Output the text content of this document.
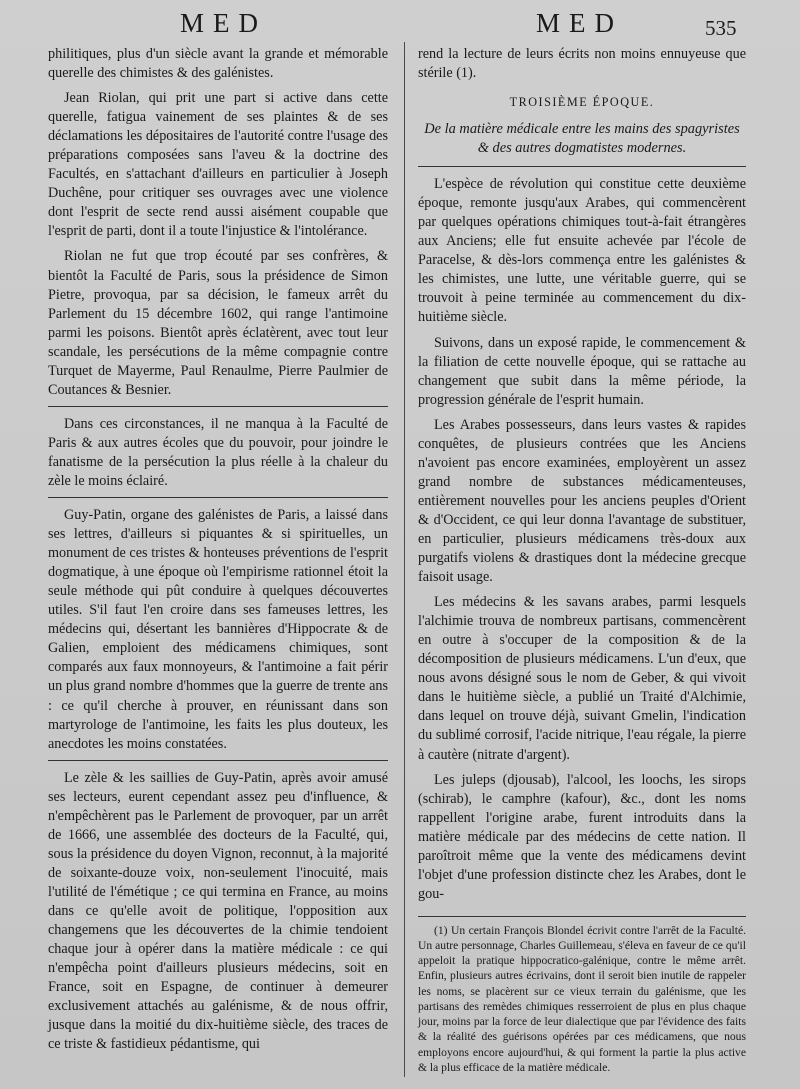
MED	MED	535

philitiques, plus d'un siècle avant la grande et mémorable querelle des chimistes & des galénistes.

Jean Riolan, qui prit une part si active dans cette querelle, fatigua vainement de ses plaintes & de ses déclamations les dépositaires de l'autorité contre l'usage des préparations composées sans l'aveu & la doctrine des Facultés, en s'attachant d'ailleurs en particulier à Joseph Duchêne, pour critiquer ses ouvrages avec une violence dont l'esprit de secte rend aussi aisément coupable que l'esprit de parti, dont il a toute l'injustice & l'intolérance.

Riolan ne fut que trop écouté par ses confrères, & bientôt la Faculté de Paris, sous la présidence de Simon Pietre, provoqua, par sa décision, le fameux arrêt du Parlement du 15 décembre 1602, qui range l'antimoine parmi les poisons. Bientôt après éclatèrent, avec tout leur scandale, les persécutions de la même compagnie contre Turquet de Mayerme, Paul Renaulme, Pierre Paulmier de Coutances & Besnier.

Dans ces circonstances, il ne manqua à la Faculté de Paris & aux autres écoles que du pouvoir, pour joindre le fanatisme de la persécution la plus réelle à la chaleur du zèle le moins éclairé.

Guy-Patin, organe des galénistes de Paris, a laissé dans ses lettres, d'ailleurs si piquantes & si spirituelles, un monument de ces tristes & honteuses préventions de l'esprit dogmatique, à une époque où l'empirisme rationnel étoit la seule méthode qui pût conduire à quelques découvertes utiles. S'il faut l'en croire dans ses fameuses lettres, les médecins qui, désertant les bannières d'Hippocrate & de Galien, emploient des médicamens chimiques, sont comparés aux faux monnoyeurs, & l'antimoine a fait périr un plus grand nombre d'hommes que la guerre de trente ans : ce qu'il cherche à prouver, en réunissant dans son martyrologe de l'antimoine, les faits les plus douteux, les anecdotes les moins constatées.

Le zèle & les saillies de Guy-Patin, après avoir amusé ses lecteurs, eurent cependant assez peu d'influence, & n'empêchèrent pas le Parlement de provoquer, par un arrêt de 1666, une assemblée des docteurs de la Faculté, qui, sous la présidence du doyen Vignon, reconnut, à la majorité de soixante-douze voix, non-seulement l'inocuité, mais l'utilité de l'émétique ; ce qui termina en France, au moins dans ce qu'elle avoit de politique, l'opposition aux changemens que les découvertes de la chimie tendoient chaque jour à opérer dans la matière médicale : ce qui n'empêcha point d'ailleurs plusieurs médecins, soit en France, soit en Espagne, de continuer à demeurer exclusivement attachés au galénisme, & de nous offrir, jusque dans la moitié du dix-huitième siècle, des traces de ce triste & fastidieux pédantisme, qui

rend la lecture de leurs écrits non moins ennuyeuse que stérile (1).

TROISIÈME ÉPOQUE.
De la matière médicale entre les mains des spagyristes & des autres dogmatistes modernes.

L'espèce de révolution qui constitue cette deuxième époque, remonte jusqu'aux Arabes, qui commencèrent par quelques opérations chimiques tout-à-fait étrangères aux Anciens; elle fut ensuite achevée par l'école de Paracelse, & dès-lors commença entre les galénistes & les chimistes, une lutte, une véritable guerre, qui se trouvoit à peine terminée au commencement du dix-huitième siècle.

Suivons, dans un exposé rapide, le commencement & la filiation de cette nouvelle époque, qui se rattache au changement que subit dans la même période, la progression générale de l'esprit humain.

Les Arabes possesseurs, dans leurs vastes & rapides conquêtes, de plusieurs contrées que les Anciens n'avoient pas encore examinées, employèrent un assez grand nombre de substances médicamenteuses, entièrement nouvelles pour les anciens peuples d'Orient & d'Occident, ce qui leur donna l'avantage de substituer, en particulier, plusieurs médicamens très-doux aux purgatifs violens & drastiques dont la médecine grecque faisoit usage.

Les médecins & les savans arabes, parmi lesquels l'alchimie trouva de nombreux partisans, commencèrent en outre à s'occuper de la composition & de la décomposition de plusieurs médicamens. L'un d'eux, que nous avons désigné sous le nom de Geber, & qui vivoit dans le huitième siècle, a publié un Traité d'Alchimie, dans lequel on trouve déjà, suivant Gmelin, l'indication du sublimé corrosif, l'acide nitrique, l'eau régale, la pierre à cautère (nitrate d'argent).

Les juleps (djousab), l'alcool, les loochs, les sirops (schirab), le camphre (kafour), &c., dont les noms rappellent l'origine arabe, furent introduits dans la matière médicale par des médecins de cette nation. Il paroîtroit même que la vente des médicamens devint l'objet d'une profession distincte chez les Arabes, dont le gou-

(1) Un certain François Blondel écrivit contre l'arrêt de la Faculté. Un autre personnage, Charles Guillemeau, s'éleva en faveur de ce qu'il appeloit la pratique hippocratico-galénique, contre le même arrêt. Enfin, plusieurs autres écrivains, dont il seroit bien inutile de rappeler les noms, se placèrent sur ce vieux terrain du galénisme, que les partisans des remèdes chimiques resserroient de plus en plus chaque jour, moins par la force de leur dialectique que par l'évidence des faits & la réalité des guérisons opérées par ces médicamens, que nous employons encore aujourd'hui, & qui forment la partie la plus active & la plus efficace de la matière médicale.
